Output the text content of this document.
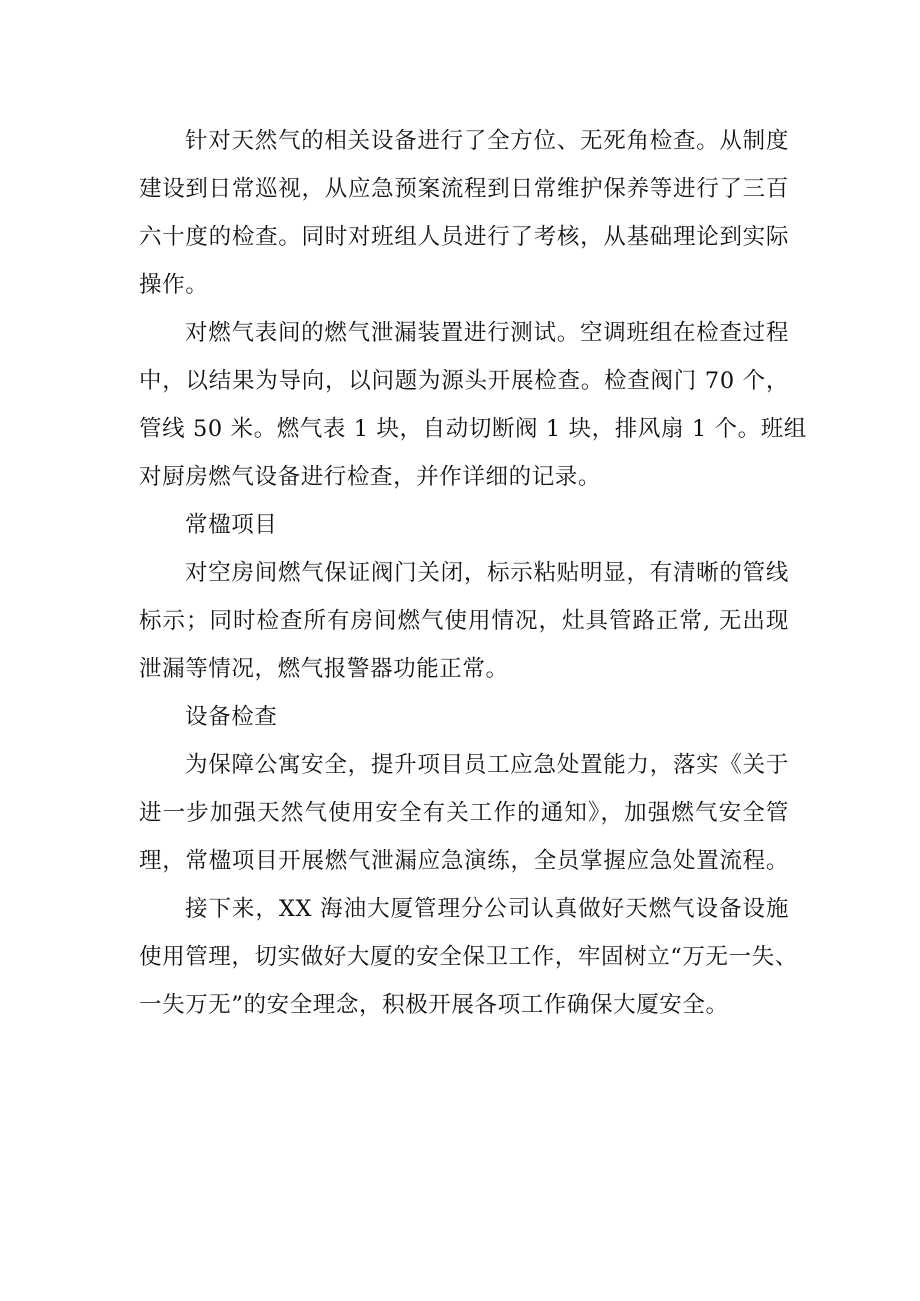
针对天然气的相关设备进行了全方位、无死角检查。从制度
建设到日常巡视，从应急预案流程到日常维护保养等进行了三百
六十度的检查。同时对班组人员进行了考核，从基础理论到实际
操作。
对燃气表间的燃气泄漏装置进行测试。空调班组在检查过程
中，以结果为导向，以问题为源头开展检查。检查阀门 70 个，
管线 50 米。燃气表 1 块，自动切断阀 1 块，排风扇 1 个。班组
对厨房燃气设备进行检查，并作详细的记录。
常楹项目
对空房间燃气保证阀门关闭，标示粘贴明显，有清晰的管线
标示；同时检查所有房间燃气使用情况，灶具管路正常, 无出现
泄漏等情况，燃气报警器功能正常。
设备检查
为保障公寓安全，提升项目员工应急处置能力，落实《关于
进一步加强天然气使用安全有关工作的通知》，加强燃气安全管
理，常楹项目开展燃气泄漏应急演练，全员掌握应急处置流程。
接下来，XX 海油大厦管理分公司认真做好天燃气设备设施
使用管理，切实做好大厦的安全保卫工作，牢固树立“万无一失、
一失万无”的安全理念，积极开展各项工作确保大厦安全。
